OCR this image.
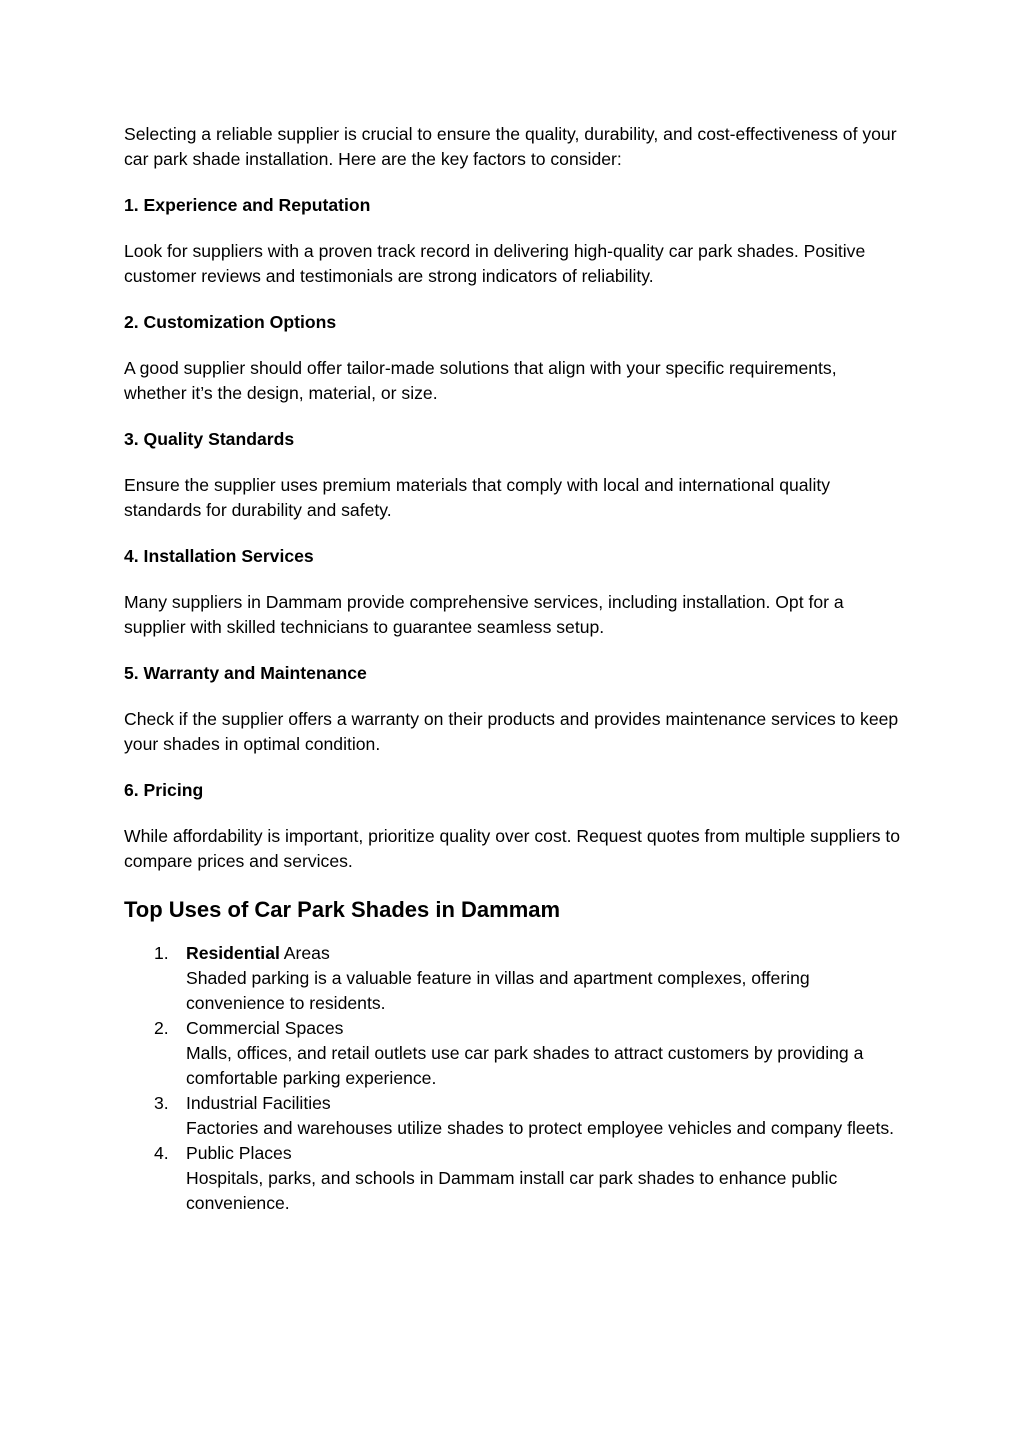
Selecting a reliable supplier is crucial to ensure the quality, durability, and cost-effectiveness of your car park shade installation. Here are the key factors to consider:

1. Experience and Reputation

Look for suppliers with a proven track record in delivering high-quality car park shades. Positive customer reviews and testimonials are strong indicators of reliability.

2. Customization Options

A good supplier should offer tailor-made solutions that align with your specific requirements, whether it’s the design, material, or size.

3. Quality Standards

Ensure the supplier uses premium materials that comply with local and international quality standards for durability and safety.

4. Installation Services

Many suppliers in Dammam provide comprehensive services, including installation. Opt for a supplier with skilled technicians to guarantee seamless setup.

5. Warranty and Maintenance

Check if the supplier offers a warranty on their products and provides maintenance services to keep your shades in optimal condition.

6. Pricing

While affordability is important, prioritize quality over cost. Request quotes from multiple suppliers to compare prices and services.

Top Uses of Car Park Shades in Dammam
1. Residential Areas
Shaded parking is a valuable feature in villas and apartment complexes, offering convenience to residents.
2. Commercial Spaces
Malls, offices, and retail outlets use car park shades to attract customers by providing a comfortable parking experience.
3. Industrial Facilities
Factories and warehouses utilize shades to protect employee vehicles and company fleets.
4. Public Places
Hospitals, parks, and schools in Dammam install car park shades to enhance public convenience.
